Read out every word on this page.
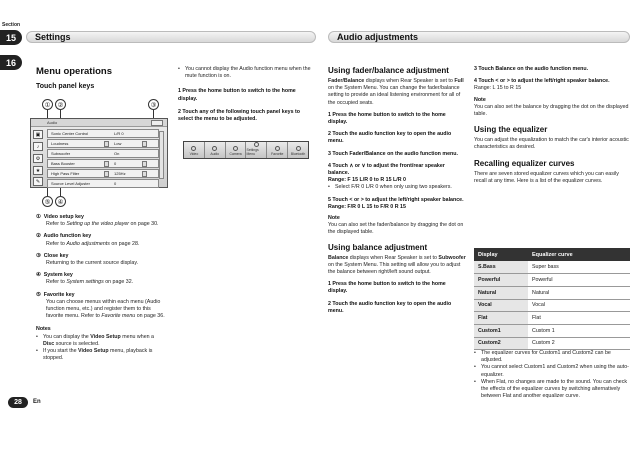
Section
15
16
Settings	Audio adjustments
Menu operations
Touch panel keys
①	②	③
Audio
▣
♪
⚙
★
✎
Sonic Center Control	L/R 0
Loudness	Low
Subwoofer	On
Bass Booster	0
High Pass Filter	125Hz
Source Level Adjuster	0
⑤	④
① Video setup key
Refer to Setting up the video player on page 30.
② Audio function key
Refer to Audio adjustments on page 28.
③ Close key
Returning to the current source display.
④ System key
Refer to System settings on page 32.
⑤ Favorite key
You can choose menus within each menu (Audio function menu, etc.) and register them to this favorite menu. Refer to Favorite menu on page 36.
Notes
• You can display the Video Setup menu when a Disc source is selected.
• If you start the Video Setup menu, playback is stopped.
• You cannot display the Audio function menu when the mute function is on.
1 Press the home button to switch to the home display.
2 Touch any of the following touch panel keys to select the menu to be adjusted.
Video	Audio	Camera
Settings Menu	Favorite Bluetooth
Using fader/balance adjustment
Fader/Balance displays when Rear Speaker is set to Full on the System Menu. You can change the fader/balance setting to provide an ideal listening environment for all of the occupied seats.
1 Press the home button to switch to the home display.
2 Touch the audio function key to open the audio menu.
3 Touch Fader/Balance on the audio function menu.
4 Touch ∧ or ∨ to adjust the front/rear speaker balance.
Range: F 15 L/R 0 to R 15 L/R 0
• Select F/R 0 L/R 0 when only using two speakers.
5 Touch < or > to adjust the left/right speaker balance.
Range: F/R 0 L 15 to F/R 0 R 15
Note
You can also set the fader/balance by dragging the dot on the displayed table.
Using balance adjustment
Balance displays when Rear Speaker is set to Subwoofer on the System Menu. This setting will allow you to adjust the balance between right/left sound output.
1 Press the home button to switch to the home display.
2 Touch the audio function key to open the audio menu.
3 Touch Balance on the audio function menu.
4 Touch < or > to adjust the left/right speaker balance.
Range: L 15 to R 15
Note
You can also set the balance by dragging the dot on the displayed table.
Using the equalizer
You can adjust the equalization to match the car's interior acoustic characteristics as desired.
Recalling equalizer curves
There are seven stored equalizer curves which you can easily recall at any time. Here is a list of the equalizer curves.
Display	Equalizer curve
S.Bass	Super bass
Powerful	Powerful
Natural	Natural
Vocal	Vocal
Flat	Flat
Custom1	Custom 1
Custom2	Custom 2
• The equalizer curves for Custom1 and Custom2 can be adjusted.
• You cannot select Custom1 and Custom2 when using the auto-equalizer.
• When Flat, no changes are made to the sound. You can check the effects of the equalizer curves by switching alternatively between Flat and another equalizer curve.
28	En
